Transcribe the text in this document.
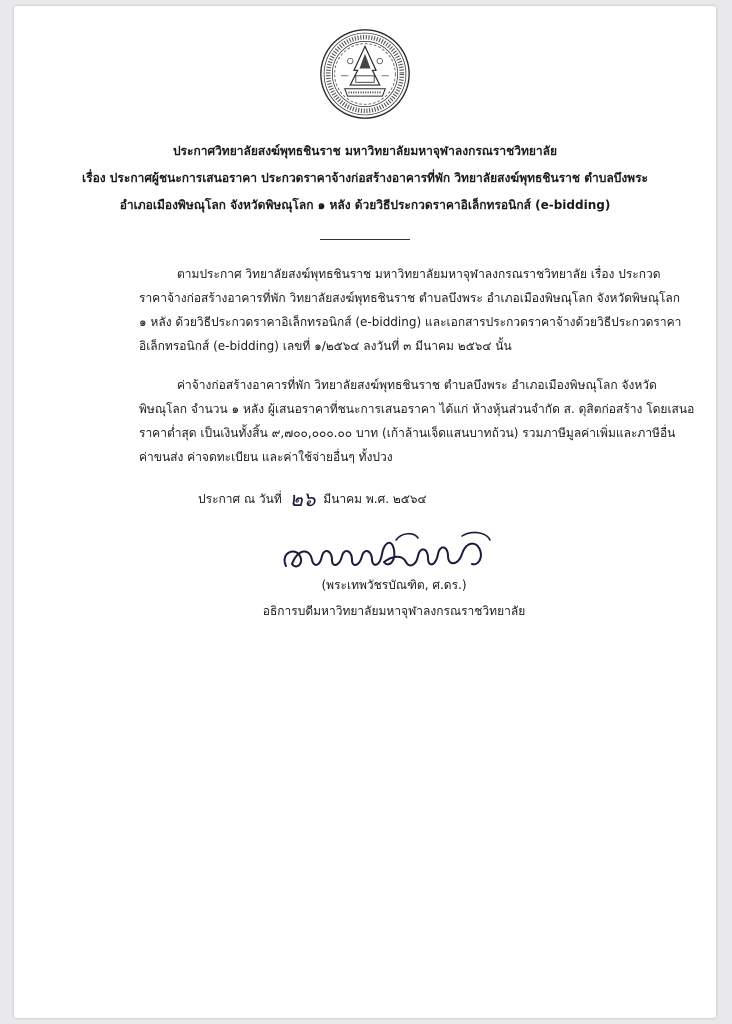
ประกาศวิทยาลัยสงฆ์พุทธชินราช มหาวิทยาลัยมหาจุฬาลงกรณราชวิทยาลัย
เรื่อง ประกาศผู้ชนะการเสนอราคา ประกวดราคาจ้างก่อสร้างอาคารที่พัก วิทยาลัยสงฆ์พุทธชินราช ตำบลบึงพระ
อำเภอเมืองพิษณุโลก จังหวัดพิษณุโลก ๑ หลัง ด้วยวิธีประกวดราคาอิเล็กทรอนิกส์ (e-bidding)
ตามประกาศ วิทยาลัยสงฆ์พุทธชินราช มหาวิทยาลัยมหาจุฬาลงกรณราชวิทยาลัย เรื่อง ประกวด
ราคาจ้างก่อสร้างอาคารที่พัก วิทยาลัยสงฆ์พุทธชินราช ตำบลบึงพระ อำเภอเมืองพิษณุโลก จังหวัดพิษณุโลก
๑ หลัง ด้วยวิธีประกวดราคาอิเล็กทรอนิกส์ (e-bidding) และเอกสารประกวดราคาจ้างด้วยวิธีประกวดราคา
อิเล็กทรอนิกส์ (e-bidding) เลขที่ ๑/๒๕๖๔ ลงวันที่ ๓ มีนาคม ๒๕๖๔ นั้น
ค่าจ้างก่อสร้างอาคารที่พัก วิทยาลัยสงฆ์พุทธชินราช ตำบลบึงพระ อำเภอเมืองพิษณุโลก จังหวัด
พิษณุโลก จำนวน ๑ หลัง ผู้เสนอราคาที่ชนะการเสนอราคา ได้แก่ ห้างหุ้นส่วนจำกัด ส. ดุสิตก่อสร้าง โดยเสนอ
ราคาต่ำสุด เป็นเงินทั้งสิ้น ๙,๗๐๐,๐๐๐.๐๐ บาท (เก้าล้านเจ็ดแสนบาทถ้วน) รวมภาษีมูลค่าเพิ่มและภาษีอื่น
ค่าขนส่ง ค่าจดทะเบียน และค่าใช้จ่ายอื่นๆ ทั้งปวง
ประกาศ ณ วันที่ ๒๖ มีนาคม พ.ศ. ๒๕๖๔
(พระเทพวัชรบัณฑิต, ศ.ดร.)
อธิการบดีมหาวิทยาลัยมหาจุฬาลงกรณราชวิทยาลัย
